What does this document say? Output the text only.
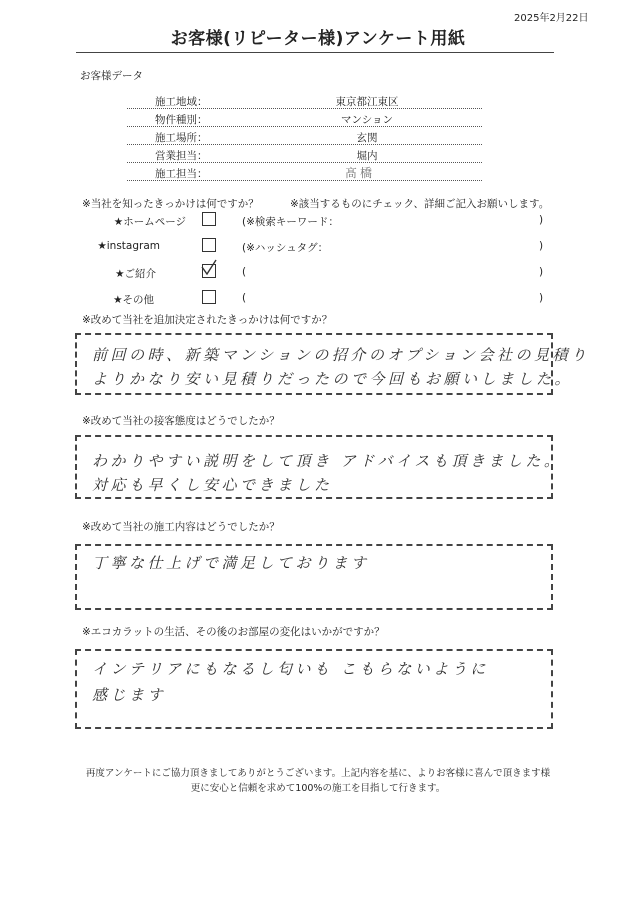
2025年2月22日
お客様(リピーター様)アンケート用紙
お客様データ
施工地域：	東京都江東区
物件種別：	マンション
施工場所：	玄関
営業担当：	堀内
施工担当：	髙橋
※当社を知ったきっかけは何ですか？	※該当するものにチェック、詳細ご記入お願いします。
★ホームページ	(※検索キーワード：	)
★instagram	(※ハッシュタグ：	)
★ご紹介	(	)
★その他	(	)
※改めて当社を追加決定されたきっかけは何ですか？
前回の時、新築マンションの招介のオプション会社の見積り
よりかなり安い見積りだったので今回もお願いしました。
※改めて当社の接客態度はどうでしたか？
わかりやすい説明をして頂き アドバイスも頂きました。
対応も早くし安心できました
※改めて当社の施工内容はどうでしたか？
丁寧な仕上げで満足しております
※エコカラットの生活、その後のお部屋の変化はいかがですか？
インテリアにもなるし匂いも こもらないように
感じます
再度アンケートにご協力頂きましてありがとうございます。上記内容を基に、よりお客様に喜んで頂きます様
更に安心と信頼を求めて100%の施工を目指して行きます。
